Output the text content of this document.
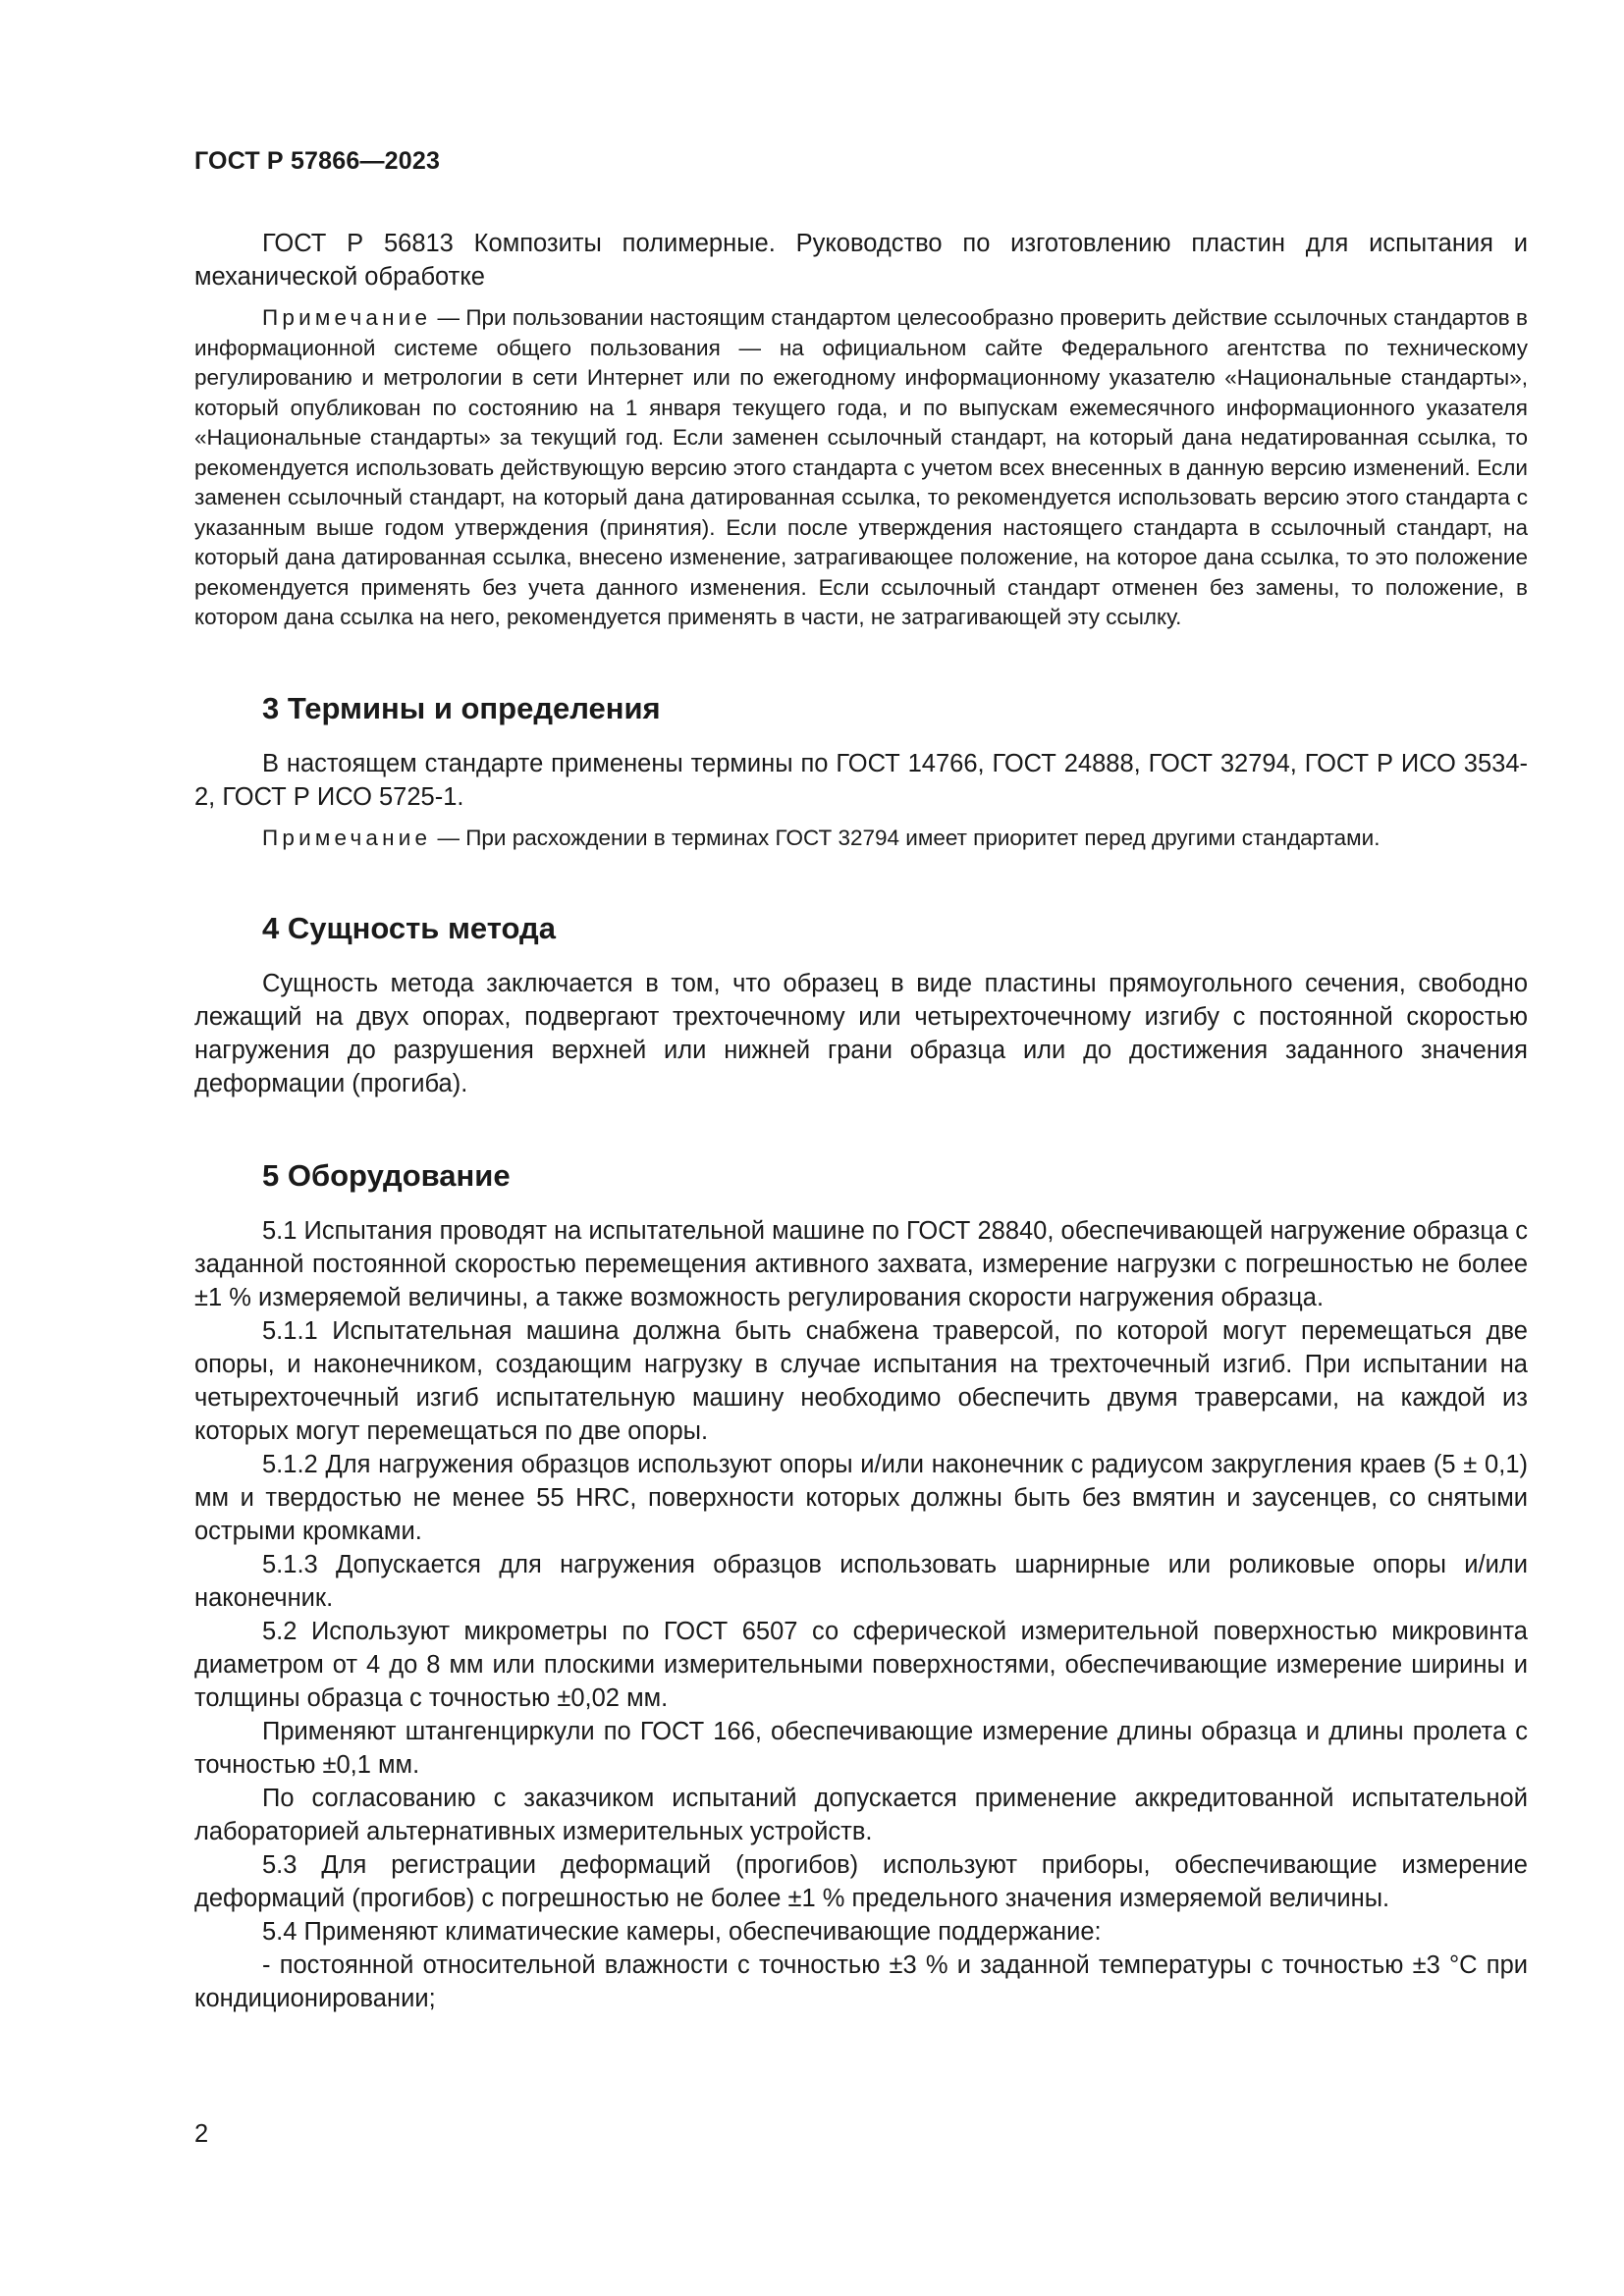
ГОСТ Р 57866—2023

ГОСТ Р 56813 Композиты полимерные. Руководство по изготовлению пластин для испытания и механической обработке

Примечание — При пользовании настоящим стандартом целесообразно проверить действие ссылочных стандартов в информационной системе общего пользования — на официальном сайте Федерального агентства по техническому регулированию и метрологии в сети Интернет или по ежегодному информационному указателю «Национальные стандарты», который опубликован по состоянию на 1 января текущего года, и по выпускам ежемесячного информационного указателя «Национальные стандарты» за текущий год. Если заменен ссылочный стандарт, на который дана недатированная ссылка, то рекомендуется использовать действующую версию этого стандарта с учетом всех внесенных в данную версию изменений. Если заменен ссылочный стандарт, на который дана датированная ссылка, то рекомендуется использовать версию этого стандарта с указанным выше годом утверждения (принятия). Если после утверждения настоящего стандарта в ссылочный стандарт, на который дана датированная ссылка, внесено изменение, затрагивающее положение, на которое дана ссылка, то это положение рекомендуется применять без учета данного изменения. Если ссылочный стандарт отменен без замены, то положение, в котором дана ссылка на него, рекомендуется применять в части, не затрагивающей эту ссылку.

3 Термины и определения

В настоящем стандарте применены термины по ГОСТ 14766, ГОСТ 24888, ГОСТ 32794, ГОСТ Р ИСО 3534-2, ГОСТ Р ИСО 5725-1.

Примечание — При расхождении в терминах ГОСТ 32794 имеет приоритет перед другими стандартами.

4 Сущность метода

Сущность метода заключается в том, что образец в виде пластины прямоугольного сечения, свободно лежащий на двух опорах, подвергают трехточечному или четырехточечному изгибу с постоянной скоростью нагружения до разрушения верхней или нижней грани образца или до достижения заданного значения деформации (прогиба).

5 Оборудование

5.1 Испытания проводят на испытательной машине по ГОСТ 28840, обеспечивающей нагружение образца с заданной постоянной скоростью перемещения активного захвата, измерение нагрузки с погрешностью не более ±1 % измеряемой величины, а также возможность регулирования скорости нагружения образца.

5.1.1 Испытательная машина должна быть снабжена траверсой, по которой могут перемещаться две опоры, и наконечником, создающим нагрузку в случае испытания на трехточечный изгиб. При испытании на четырехточечный изгиб испытательную машину необходимо обеспечить двумя траверсами, на каждой из которых могут перемещаться по две опоры.

5.1.2 Для нагружения образцов используют опоры и/или наконечник с радиусом закругления краев (5 ± 0,1) мм и твердостью не менее 55 HRC, поверхности которых должны быть без вмятин и заусенцев, со снятыми острыми кромками.

5.1.3 Допускается для нагружения образцов использовать шарнирные или роликовые опоры и/или наконечник.

5.2 Используют микрометры по ГОСТ 6507 со сферической измерительной поверхностью микровинта диаметром от 4 до 8 мм или плоскими измерительными поверхностями, обеспечивающие измерение ширины и толщины образца с точностью ±0,02 мм.

Применяют штангенциркули по ГОСТ 166, обеспечивающие измерение длины образца и длины пролета с точностью ±0,1 мм.

По согласованию с заказчиком испытаний допускается применение аккредитованной испытательной лабораторией альтернативных измерительных устройств.

5.3 Для регистрации деформаций (прогибов) используют приборы, обеспечивающие измерение деформаций (прогибов) с погрешностью не более ±1 % предельного значения измеряемой величины.

5.4 Применяют климатические камеры, обеспечивающие поддержание:

- постоянной относительной влажности с точностью ±3 % и заданной температуры с точностью ±3 °C при кондиционировании;

2
